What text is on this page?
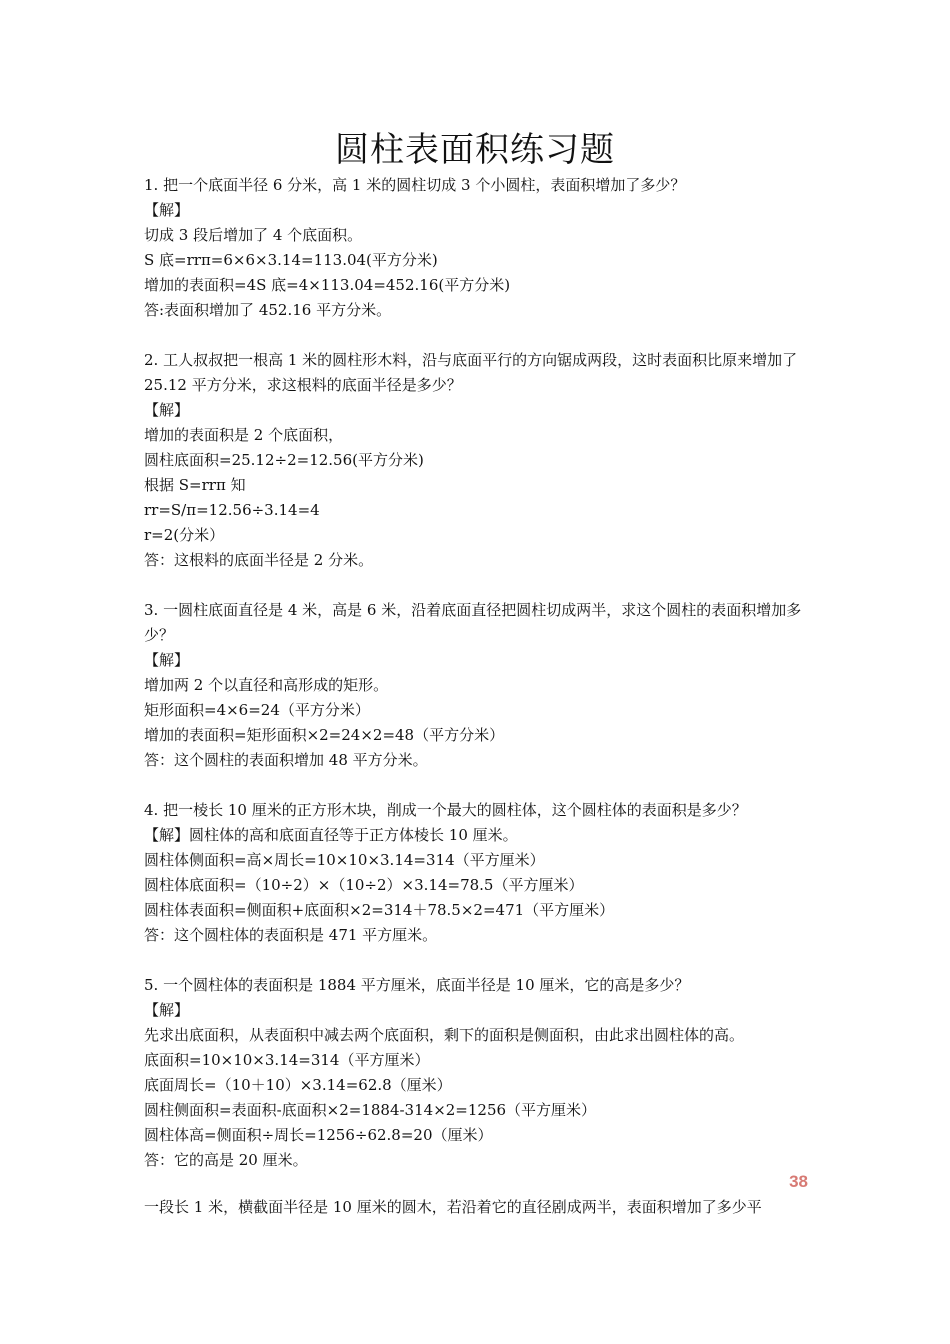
圆柱表面积练习题
1. 把一个底面半径 6 分米，高 1 米的圆柱切成 3 个小圆柱，表面积增加了多少？
【解】
切成 3 段后增加了 4 个底面积。
S 底=rrπ=6×6×3.14=113.04(平方分米)
增加的表面积=4S 底=4×113.04=452.16(平方分米)
答:表面积增加了 452.16 平方分米。
2. 工人叔叔把一根高 1 米的圆柱形木料，沿与底面平行的方向锯成两段，这时表面积比原来增加了 25.12 平方分米，求这根料的底面半径是多少？
【解】
增加的表面积是 2 个底面积，
圆柱底面积=25.12÷2=12.56(平方分米)
根据 S=rrπ 知
rr=S/π=12.56÷3.14=4
r=2(分米）
答：这根料的底面半径是 2 分米。
3. 一圆柱底面直径是 4 米，高是 6 米，沿着底面直径把圆柱切成两半，求这个圆柱的表面积增加多少？
【解】
增加两 2 个以直径和高形成的矩形。
矩形面积=4×6=24（平方分米）
增加的表面积=矩形面积×2=24×2=48（平方分米）
答：这个圆柱的表面积增加 48 平方分米。
4. 把一棱长 10 厘米的正方形木块，削成一个最大的圆柱体，这个圆柱体的表面积是多少？
【解】圆柱体的高和底面直径等于正方体棱长 10 厘米。
圆柱体侧面积=高×周长=10×10×3.14=314（平方厘米）
圆柱体底面积=（10÷2）×（10÷2）×3.14=78.5（平方厘米）
圆柱体表面积=侧面积+底面积×2=314＋78.5×2=471（平方厘米）
答：这个圆柱体的表面积是 471 平方厘米。
5. 一个圆柱体的表面积是 1884 平方厘米，底面半径是 10 厘米，它的高是多少？
【解】
先求出底面积，从表面积中减去两个底面积，剩下的面积是侧面积，由此求出圆柱体的高。
底面积=10×10×3.14=314（平方厘米）
底面周长=（10＋10）×3.14=62.8（厘米）
圆柱侧面积=表面积-底面积×2=1884-314×2=1256（平方厘米）
圆柱体高=侧面积÷周长=1256÷62.8=20（厘米）
答：它的高是 20 厘米。
38
一段长 1 米，横截面半径是 10 厘米的圆木，若沿着它的直径剧成两半，表面积增加了多少平
